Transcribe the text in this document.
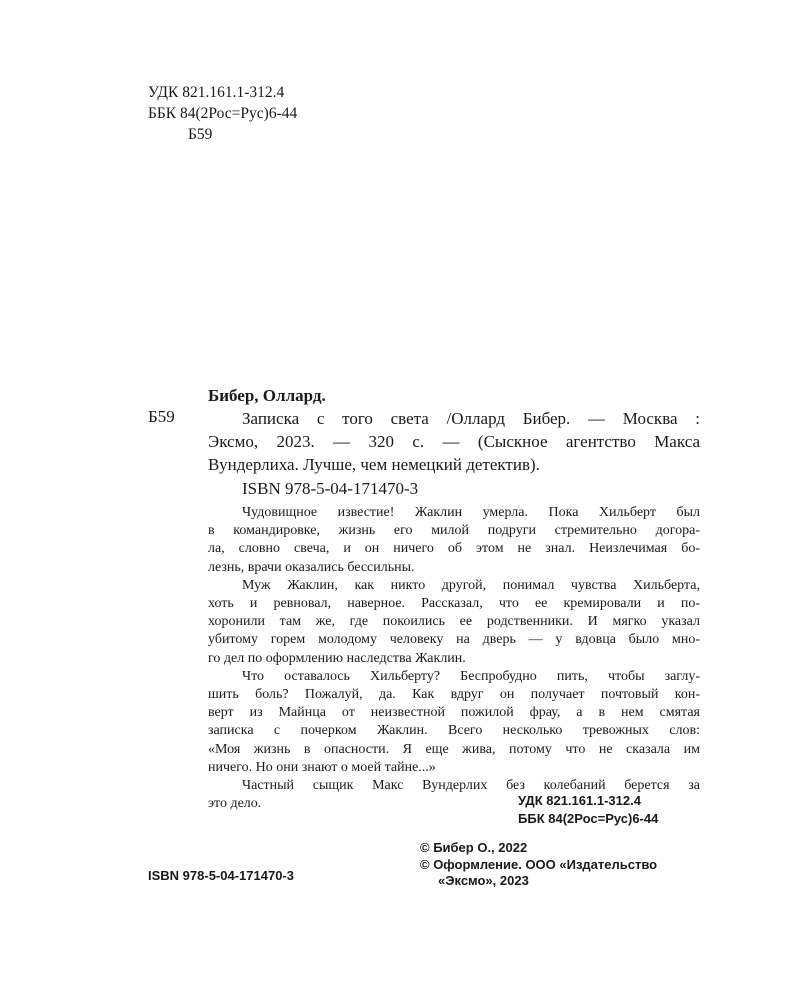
УДК 821.161.1-312.4
ББК 84(2Рос=Рус)6-44
Б59
Бибер, Оллард.
Б59	Записка с того света /Оллард Бибер. — Москва :
Эксмо, 2023. — 320 с. — (Сыскное агентство Макса
Вундерлиха. Лучше, чем немецкий детектив).
ISBN 978-5-04-171470-3
Чудовищное известие! Жаклин умерла. Пока Хильберт был
в командировке, жизнь его милой подруги стремительно догора-
ла, словно свеча, и он ничего об этом не знал. Неизлечимая бо-
лезнь, врачи оказались бессильны.
Муж Жаклин, как никто другой, понимал чувства Хильберта,
хоть и ревновал, наверное. Рассказал, что ее кремировали и по-
хоронили там же, где покоились ее родственники. И мягко указал
убитому горем молодому человеку на дверь — у вдовца было мно-
го дел по оформлению наследства Жаклин.
Что оставалось Хильберту? Беспробудно пить, чтобы заглу-
шить боль? Пожалуй, да. Как вдруг он получает почтовый кон-
верт из Майнца от неизвестной пожилой фрау, а в нем смятая
записка с почерком Жаклин. Всего несколько тревожных слов:
«Моя жизнь в опасности. Я еще жива, потому что не сказала им
ничего. Но они знают о моей тайне...»
Частный сыщик Макс Вундерлих без колебаний берется за
это дело.	УДК 821.161.1-312.4
ББК 84(2Рос=Рус)6-44
© Бибер О., 2022
© Оформление. ООО «Издательство
«Эксмо», 2023
ISBN 978-5-04-171470-3
